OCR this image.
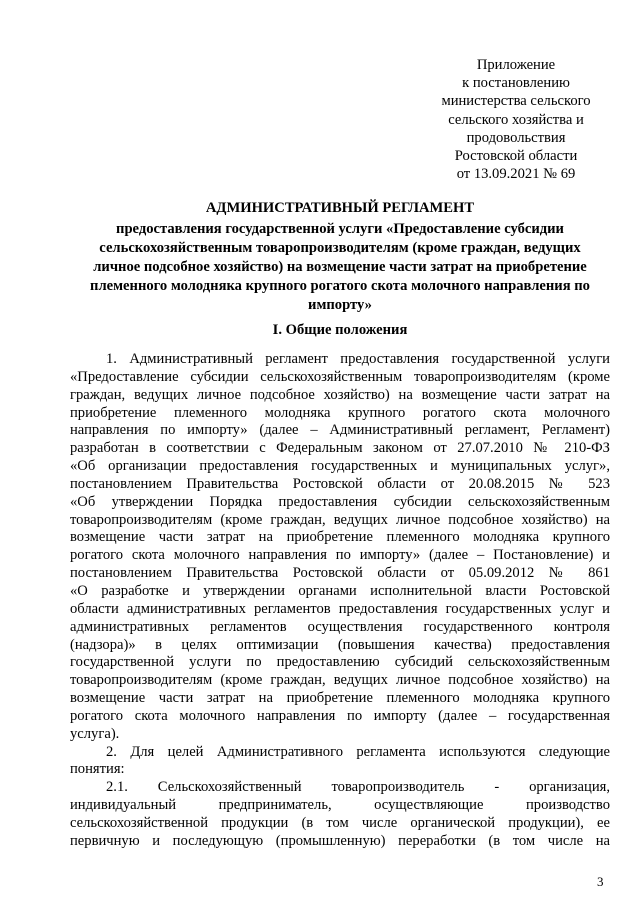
Приложение
к постановлению
министерства сельского
сельского хозяйства и
продовольствия
Ростовской области
от 13.09.2021 № 69
АДМИНИСТРАТИВНЫЙ РЕГЛАМЕНТ
предоставления государственной услуги «Предоставление субсидии
сельскохозяйственным товаропроизводителям (кроме граждан, ведущих
личное подсобное хозяйство) на возмещение части затрат на приобретение
племенного молодняка крупного рогатого скота молочного направления по
импорту»
I. Общие положения
1. Административный регламент предоставления государственной услуги
«Предоставление субсидии сельскохозяйственным товаропроизводителям (кроме
граждан, ведущих личное подсобное хозяйство) на возмещение части затрат на
приобретение племенного молодняка крупного рогатого скота молочного
направления по импорту» (далее – Административный регламент, Регламент)
разработан в соответствии с Федеральным законом от 27.07.2010 № 210-ФЗ
«Об организации предоставления государственных и муниципальных услуг»,
постановлением Правительства Ростовской области от 20.08.2015 № 523
«Об утверждении Порядка предоставления субсидии сельскохозяйственным
товаропроизводителям (кроме граждан, ведущих личное подсобное хозяйство) на
возмещение части затрат на приобретение племенного молодняка крупного
рогатого скота молочного направления по импорту» (далее – Постановление) и
постановлением Правительства Ростовской области от 05.09.2012 № 861
«О разработке и утверждении органами исполнительной власти Ростовской
области административных регламентов предоставления государственных услуг и
административных регламентов осуществления государственного контроля
(надзора)» в целях оптимизации (повышения качества) предоставления
государственной услуги по предоставлению субсидий сельскохозяйственным
товаропроизводителям (кроме граждан, ведущих личное подсобное хозяйство) на
возмещение части затрат на приобретение племенного молодняка крупного
рогатого скота молочного направления по импорту (далее – государственная
услуга).
2. Для целей Административного регламента используются следующие
понятия:
2.1. Сельскохозяйственный товаропроизводитель - организация,
индивидуальный предприниматель, осуществляющие производство
сельскохозяйственной продукции (в том числе органической продукции), ее
первичную и последующую (промышленную) переработки (в том числе на
3
